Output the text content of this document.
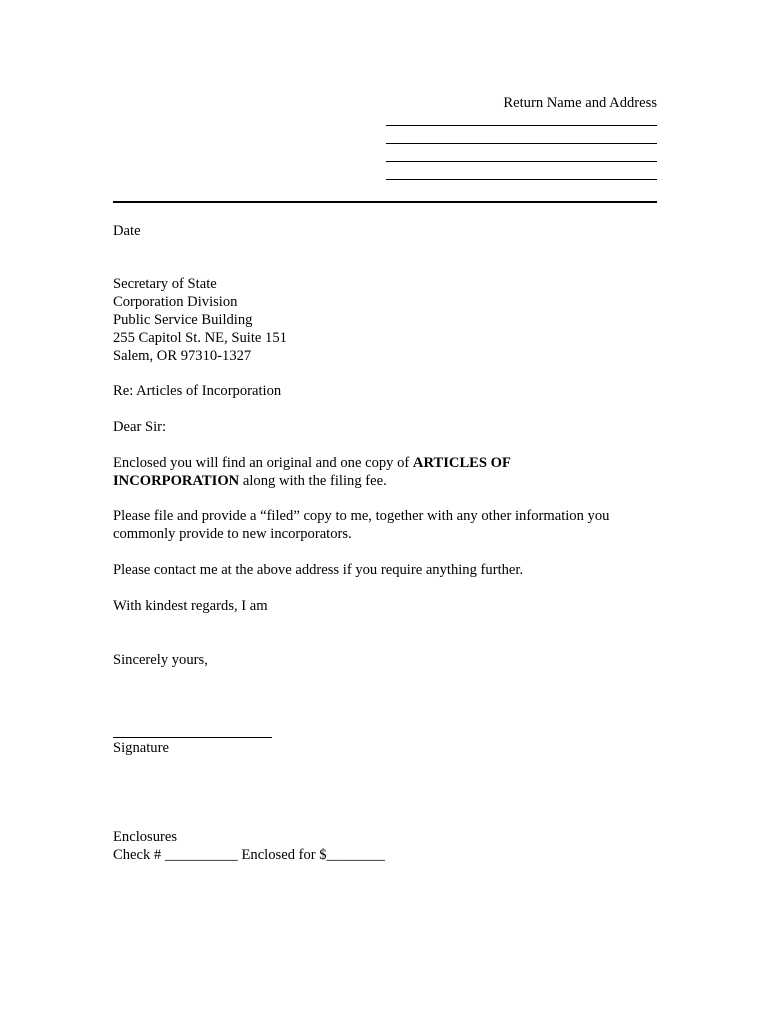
Return Name and Address
Date
Secretary of State
Corporation Division
Public Service Building
255 Capitol St. NE, Suite 151
Salem, OR 97310-1327
Re: Articles of Incorporation
Dear Sir:
Enclosed you will find an original and one copy of ARTICLES OF
INCORPORATION along with the filing fee.
Please file and provide a “filed” copy to me, together with any other information you
commonly provide to new incorporators.
Please contact me at the above address if you require anything further.
With kindest regards, I am
Sincerely yours,
Signature
Enclosures
Check # __________ Enclosed for $________
